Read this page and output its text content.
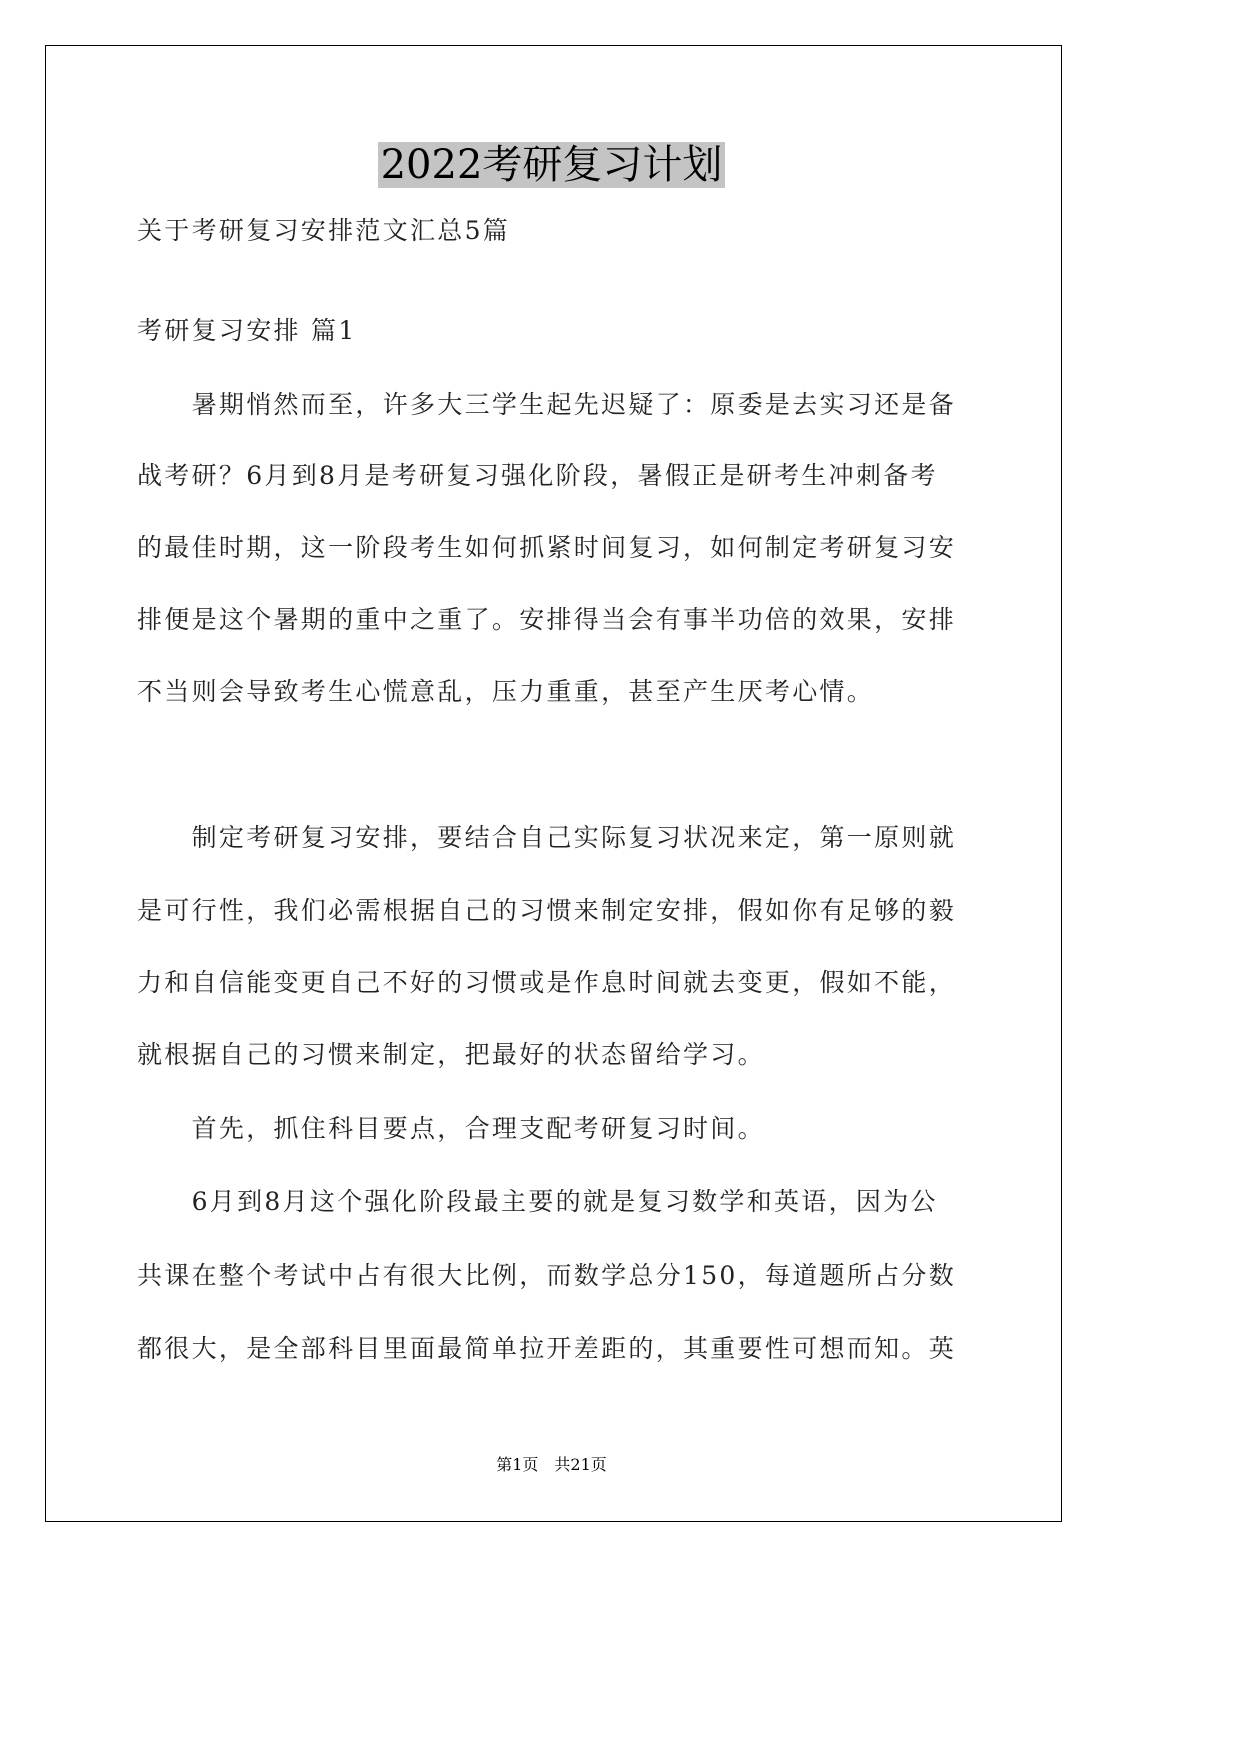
2022考研复习计划
关于考研复习安排范文汇总5篇
考研复习安排 篇1
　　暑期悄然而至，许多大三学生起先迟疑了：原委是去实习还是备
战考研？6月到8月是考研复习强化阶段，暑假正是研考生冲刺备考
的最佳时期，这一阶段考生如何抓紧时间复习，如何制定考研复习安
排便是这个暑期的重中之重了。安排得当会有事半功倍的效果，安排
不当则会导致考生心慌意乱，压力重重，甚至产生厌考心情。
　　制定考研复习安排，要结合自己实际复习状况来定，第一原则就
是可行性，我们必需根据自己的习惯来制定安排，假如你有足够的毅
力和自信能变更自己不好的习惯或是作息时间就去变更，假如不能，
就根据自己的习惯来制定，把最好的状态留给学习。
　　首先，抓住科目要点，合理支配考研复习时间。
　　6月到8月这个强化阶段最主要的就是复习数学和英语，因为公
共课在整个考试中占有很大比例，而数学总分150，每道题所占分数
都很大，是全部科目里面最简单拉开差距的，其重要性可想而知。英
第1页　共21页
